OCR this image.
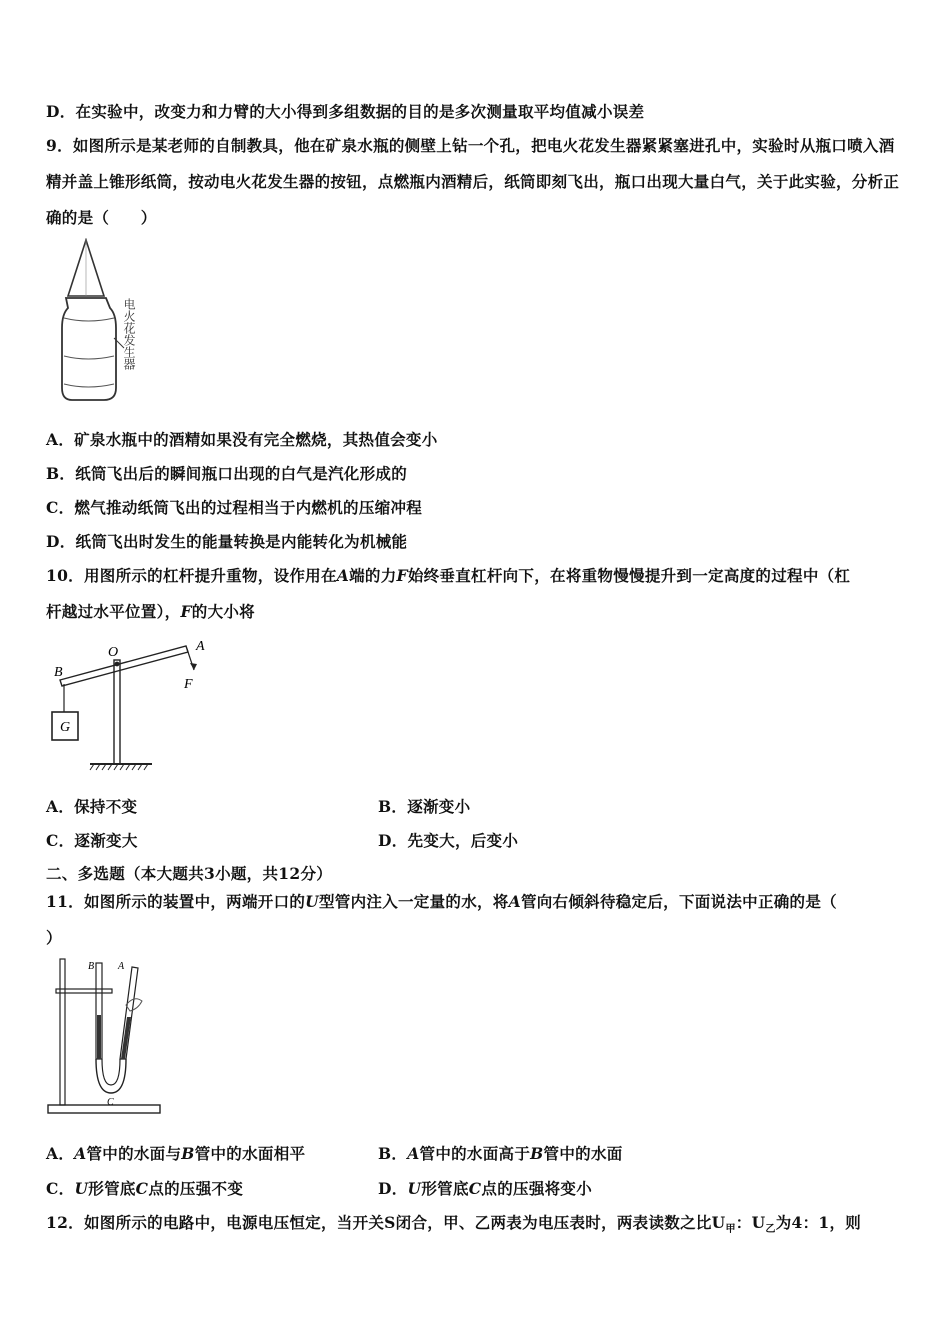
D．在实验中，改变力和力臂的大小得到多组数据的目的是多次测量取平均值减小误差
9．如图所示是某老师的自制教具，他在矿泉水瓶的侧壁上钻一个孔，把电火花发生器紧紧塞进孔中，实验时从瓶口喷入酒精并盖上锥形纸筒，按动电火花发生器的按钮，点燃瓶内酒精后，纸筒即刻飞出，瓶口出现大量白气，关于此实验，分析正确的是（　　）
电火花发生器
A．矿泉水瓶中的酒精如果没有完全燃烧，其热值会变小
B．纸筒飞出后的瞬间瓶口出现的白气是汽化形成的
C．燃气推动纸筒飞出的过程相当于内燃机的压缩冲程
D．纸筒飞出时发生的能量转换是内能转化为机械能
10．用图所示的杠杆提升重物，设作用在A端的力F始终垂直杠杆向下，在将重物慢慢提升到一定高度的过程中（杠
杆越过水平位置），F的大小将
O	A
B
F
G
A．保持不变	B．逐渐变小
C．逐渐变大	D．先变大，后变小
二、多选题（本大题共3小题，共12分）
11．如图所示的装置中，两端开口的U型管内注入一定量的水，将A管向右倾斜待稳定后，下面说法中正确的是（
）
B A
C
A．A管中的水面与B管中的水面相平	B．A管中的水面高于B管中的水面
C．U形管底C点的压强不变	D．U形管底C点的压强将变小
12．如图所示的电路中，电源电压恒定，当开关S闭合，甲、乙两表为电压表时，两表读数之比$U_甲$：$U_乙$为4：1，则
